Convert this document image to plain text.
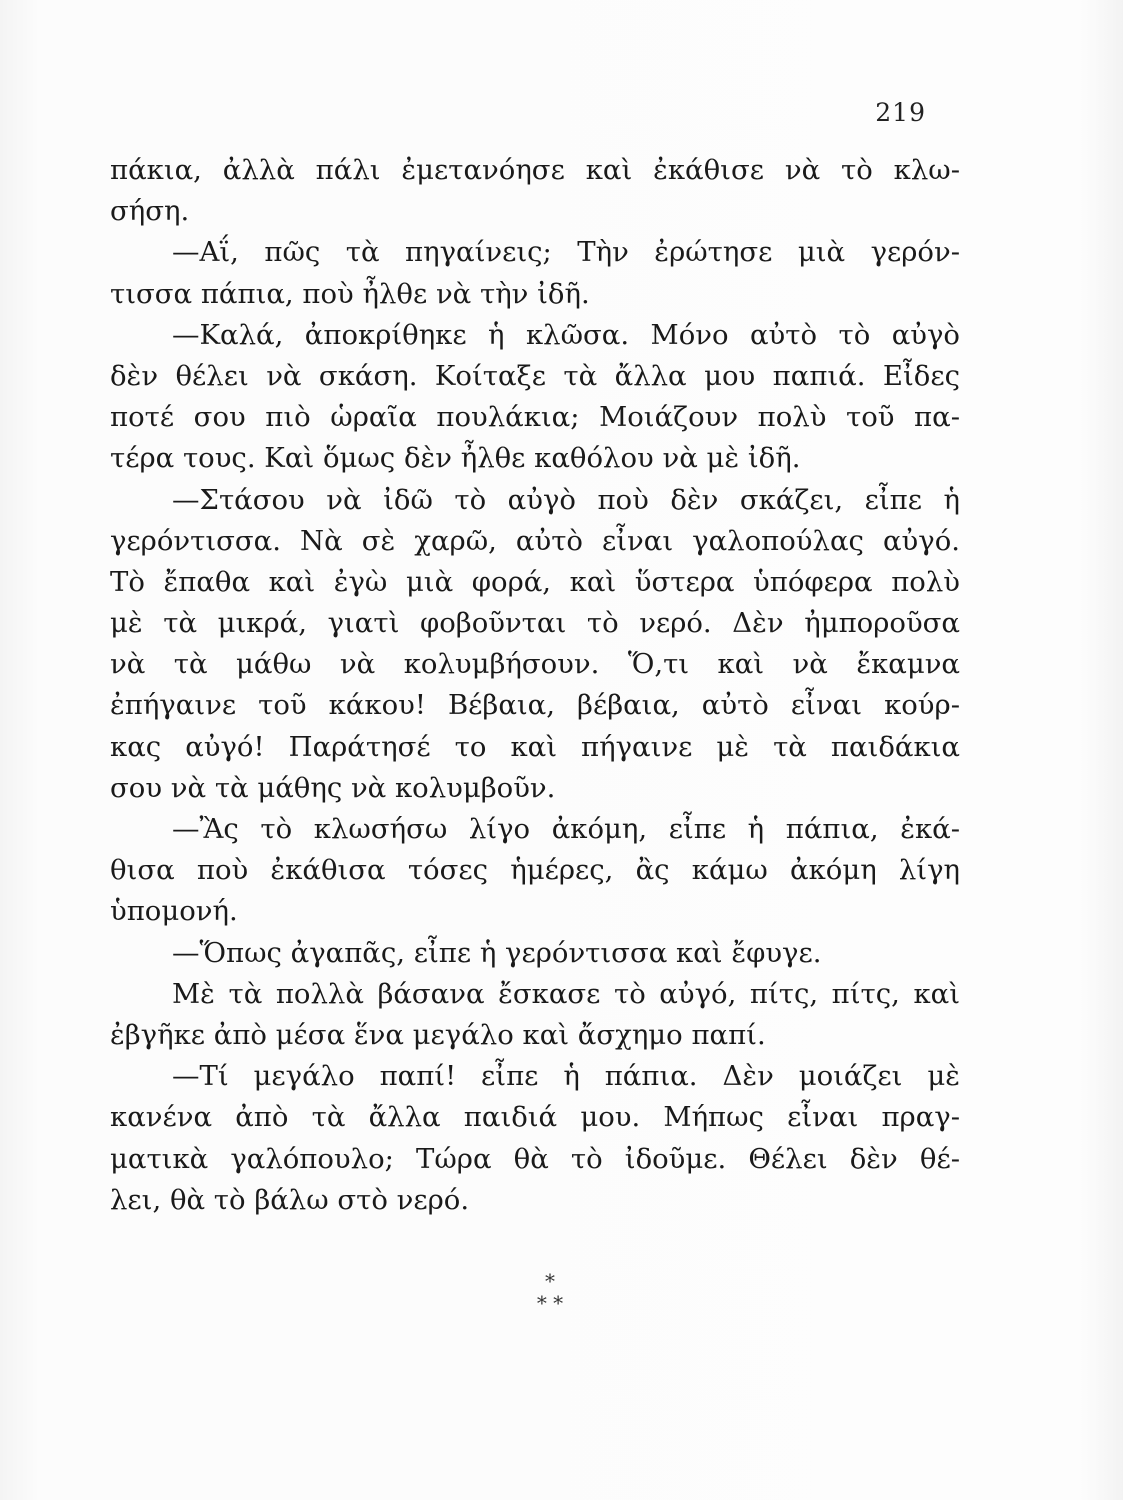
219
πάκια, ἀλλὰ πάλι ἐμετανόησε καὶ ἐκάθισε νὰ τὸ κλω-
σήση.
—Αΐ, πῶς τὰ πηγαίνεις; Τὴν ἐρώτησε μιὰ γερόν-
τισσα πάπια, ποὺ ἦλθε νὰ τὴν ἰδῆ.
—Καλά, ἀποκρίθηκε ἡ κλῶσα. Μόνο αὐτὸ τὸ αὐγὸ
δὲν θέλει νὰ σκάση. Κοίταξε τὰ ἄλλα μου παπιά. Εἶδες
ποτέ σου πιὸ ὡραῖα πουλάκια; Μοιάζουν πολὺ τοῦ πα-
τέρα τους. Καὶ ὅμως δὲν ἦλθε καθόλου νὰ μὲ ἰδῆ.
—Στάσου νὰ ἰδῶ τὸ αὐγὸ ποὺ δὲν σκάζει, εἶπε ἡ
γερόντισσα. Νὰ σὲ χαρῶ, αὐτὸ εἶναι γαλοπούλας αὐγό.
Τὸ ἔπαθα καὶ ἐγὼ μιὰ φορά, καὶ ὕστερα ὑπόφερα πολὺ
μὲ τὰ μικρά, γιατὶ φοβοῦνται τὸ νερό. Δὲν ἠμποροῦσα
νὰ τὰ μάθω νὰ κολυμβήσουν. Ὅ,τι καὶ νὰ ἔκαμνα
ἐπήγαινε τοῦ κάκου! Βέβαια, βέβαια, αὐτὸ εἶναι κούρ-
κας αὐγό! Παράτησέ το καὶ πήγαινε μὲ τὰ παιδάκια
σου νὰ τὰ μάθης νὰ κολυμβοῦν.
—Ἂς τὸ κλωσήσω λίγο ἀκόμη, εἶπε ἡ πάπια, ἐκά-
θισα ποὺ ἐκάθισα τόσες ἡμέρες, ἂς κάμω ἀκόμη λίγη
ὑπομονή.
—Ὅπως ἀγαπᾶς, εἶπε ἡ γερόντισσα καὶ ἔφυγε.
Μὲ τὰ πολλὰ βάσανα ἔσκασε τὸ αὐγό, πίτς, πίτς, καὶ
ἐβγῆκε ἀπὸ μέσα ἕνα μεγάλο καὶ ἄσχημο παπί.
—Τί μεγάλο παπί! εἶπε ἡ πάπια. Δὲν μοιάζει μὲ
κανένα ἀπὸ τὰ ἄλλα παιδιά μου. Μήπως εἶναι πραγ-
ματικὰ γαλόπουλο; Τώρα θὰ τὸ ἰδοῦμε. Θέλει δὲν θέ-
λει, θὰ τὸ βάλω στὸ νερό.
*
* *
